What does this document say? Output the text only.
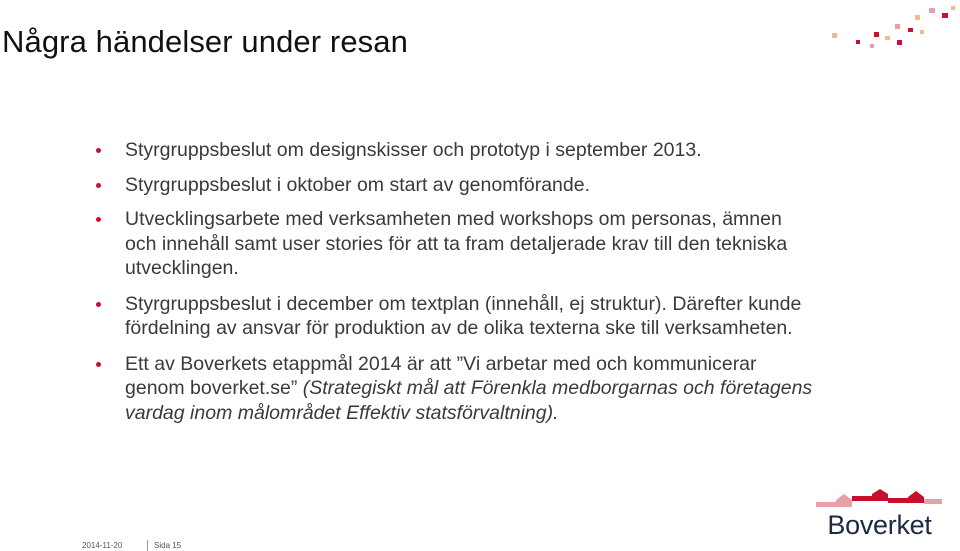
Några händelser under resan
Styrgruppsbeslut om designskisser och prototyp i september 2013.
Styrgruppsbeslut i oktober om start av genomförande.
Utvecklingsarbete med verksamheten med workshops om personas, ämnen och innehåll samt user stories för att ta fram detaljerade krav till den tekniska utvecklingen.
Styrgruppsbeslut i december om textplan (innehåll, ej struktur). Därefter kunde fördelning av ansvar för produktion av de olika texterna ske till verksamheten.
Ett av Boverkets etappmål 2014 är att ”Vi arbetar med och kommunicerar genom boverket.se” (Strategiskt mål att Förenkla medborgarnas och företagens vardag inom målområdet Effektiv statsförvaltning).
Boverket
2014-11-20	Sida 15
